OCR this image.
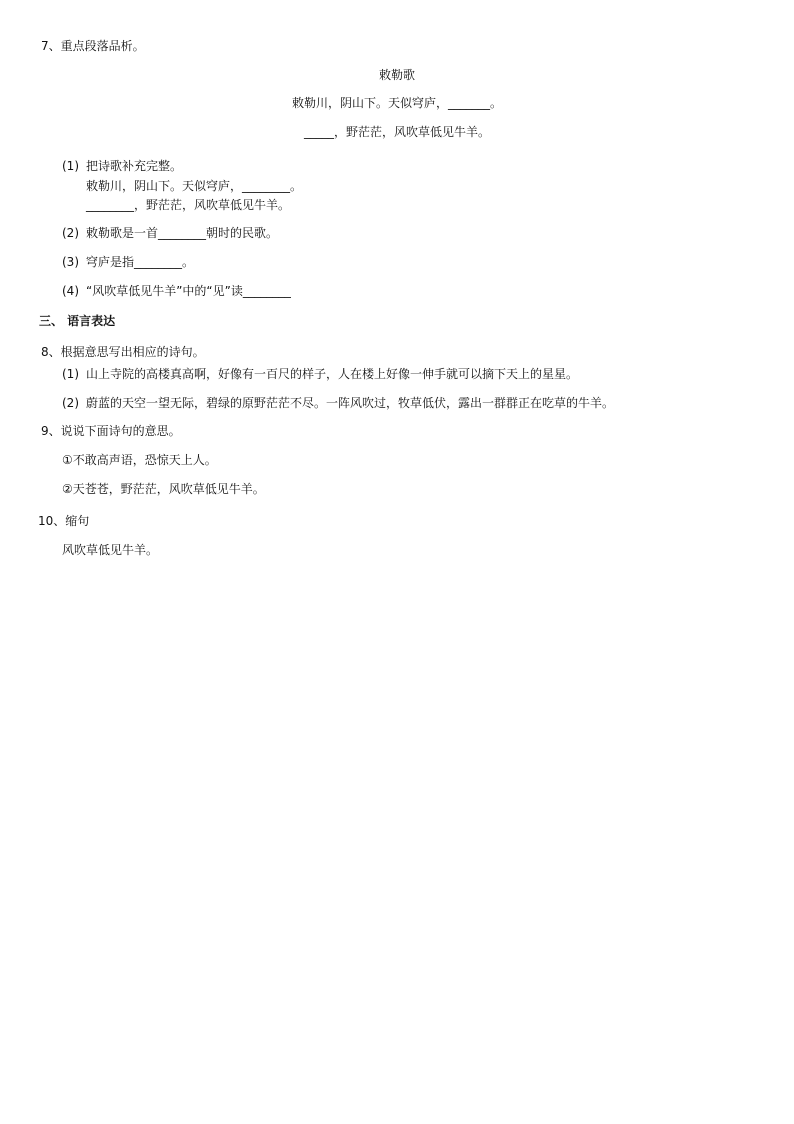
7、重点段落品析。
敕勒歌
敕勒川，阴山下。天似穹庐，_______。
_____，野茫茫，风吹草低见牛羊。
(1) 把诗歌补充完整。
敕勒川，阴山下。天似穹庐，________。
________，野茫茫，风吹草低见牛羊。
(2) 敕勒歌是一首________朝时的民歌。
(3) 穹庐是指________。
(4) “风吹草低见牛羊”中的“见”读________
三、 语言表达
8、根据意思写出相应的诗句。
(1) 山上寺院的高楼真高啊，好像有一百尺的样子，人在楼上好像一伸手就可以摘下天上的星星。
(2) 蔚蓝的天空一望无际，碧绿的原野茫茫不尽。一阵风吹过，牧草低伏，露出一群群正在吃草的牛羊。
9、说说下面诗句的意思。
①不敢高声语，恐惊天上人。
②天苍苍，野茫茫，风吹草低见牛羊。
10、缩句
风吹草低见牛羊。
